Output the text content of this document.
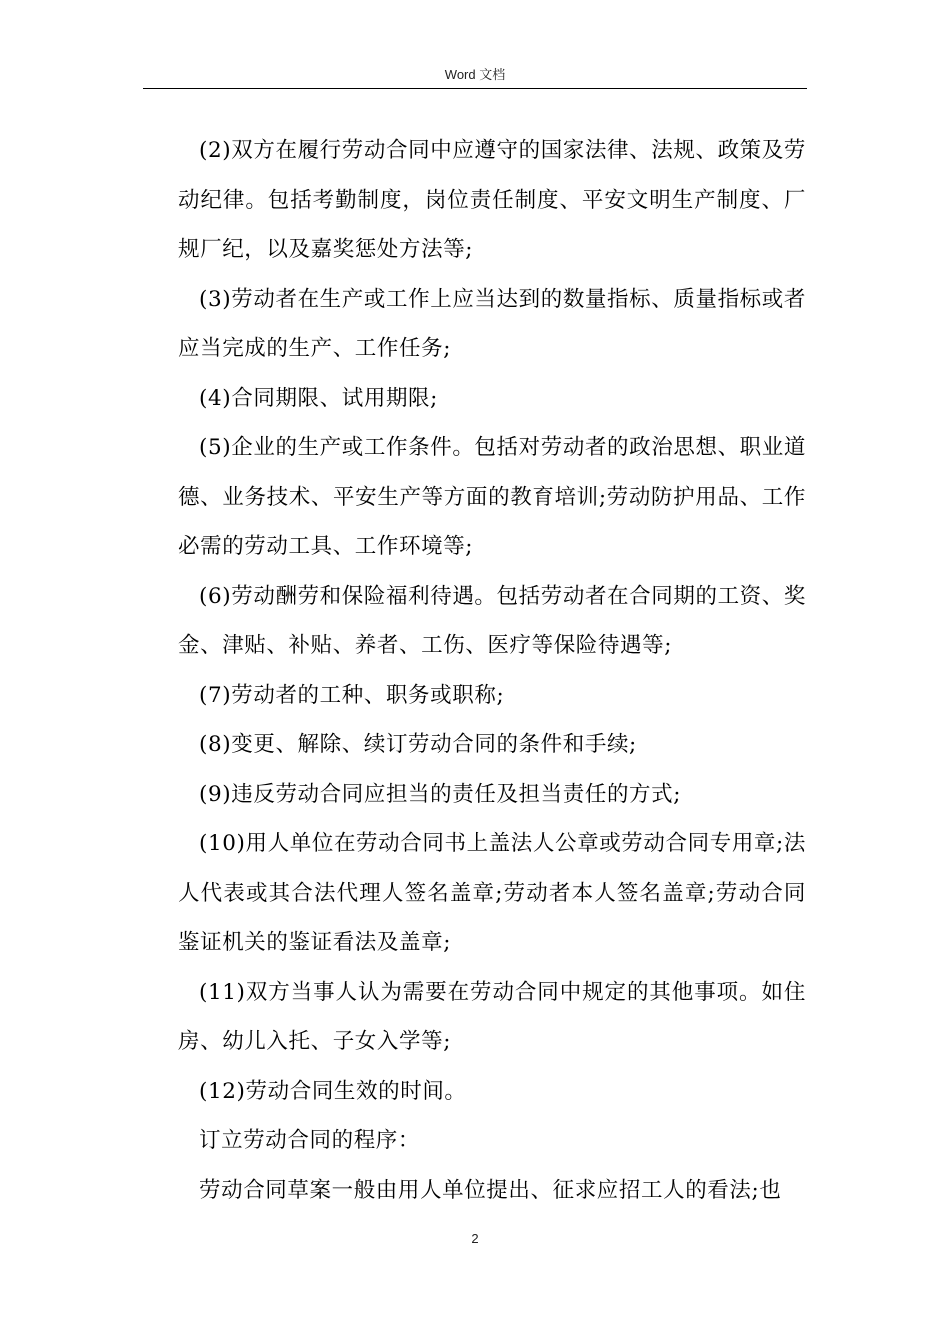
Word 文档

(2)双方在履行劳动合同中应遵守的国家法律、法规、政策及劳动纪律。包括考勤制度，岗位责任制度、平安文明生产制度、厂规厂纪，以及嘉奖惩处方法等;

(3)劳动者在生产或工作上应当达到的数量指标、质量指标或者应当完成的生产、工作任务;

(4)合同期限、试用期限;

(5)企业的生产或工作条件。包括对劳动者的政治思想、职业道德、业务技术、平安生产等方面的教育培训;劳动防护用品、工作必需的劳动工具、工作环境等;

(6)劳动酬劳和保险福利待遇。包括劳动者在合同期的工资、奖金、津贴、补贴、养者、工伤、医疗等保险待遇等;

(7)劳动者的工种、职务或职称;

(8)变更、解除、续订劳动合同的条件和手续;

(9)违反劳动合同应担当的责任及担当责任的方式;

(10)用人单位在劳动合同书上盖法人公章或劳动合同专用章;法人代表或其合法代理人签名盖章;劳动者本人签名盖章;劳动合同鉴证机关的鉴证看法及盖章;

(11)双方当事人认为需要在劳动合同中规定的其他事项。如住房、幼儿入托、子女入学等;

(12)劳动合同生效的时间。

订立劳动合同的程序：

劳动合同草案一般由用人单位提出、征求应招工人的看法;也

2
